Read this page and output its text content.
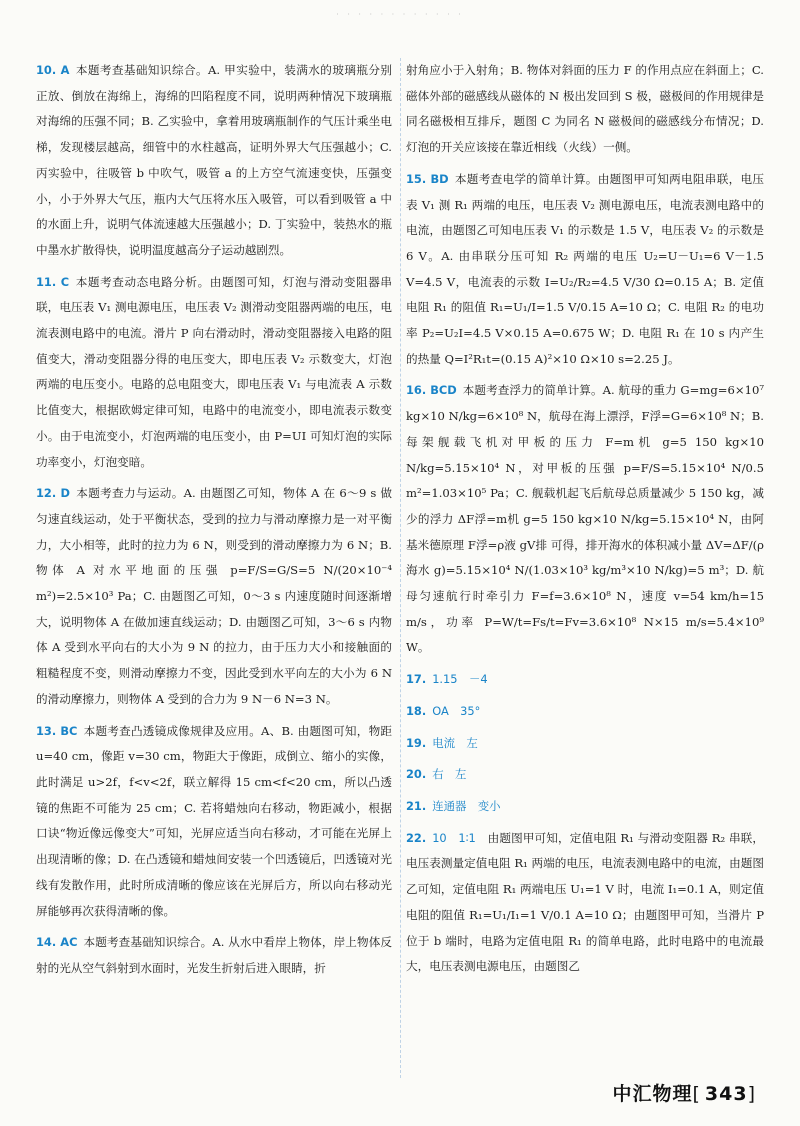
· · · · · · · · · · · ·

10. A 本题考查基础知识综合。A. 甲实验中，装满水的玻璃瓶分别正放、倒放在海绵上，海绵的凹陷程度不同，说明两种情况下玻璃瓶对海绵的压强不同；B. 乙实验中，拿着用玻璃瓶制作的气压计乘坐电梯，发现楼层越高，细管中的水柱越高，证明外界大气压强越小；C. 丙实验中，往吸管 b 中吹气，吸管 a 的上方空气流速变快，压强变小，小于外界大气压，瓶内大气压将水压入吸管，可以看到吸管 a 中的水面上升，说明气体流速越大压强越小；D. 丁实验中，装热水的瓶中墨水扩散得快，说明温度越高分子运动越剧烈。

11. C 本题考查动态电路分析。由题图可知，灯泡与滑动变阻器串联，电压表 V₁ 测电源电压，电压表 V₂ 测滑动变阻器两端的电压，电流表测电路中的电流。滑片 P 向右滑动时，滑动变阻器接入电路的阻值变大，滑动变阻器分得的电压变大，即电压表 V₂ 示数变大，灯泡两端的电压变小。电路的总电阻变大，即电压表 V₁ 与电流表 A 示数比值变大，根据欧姆定律可知，电路中的电流变小，即电流表示数变小。由于电流变小，灯泡两端的电压变小，由 P=UI 可知灯泡的实际功率变小，灯泡变暗。

12. D 本题考查力与运动。A. 由题图乙可知，物体 A 在 6～9 s 做匀速直线运动，处于平衡状态，受到的拉力与滑动摩擦力是一对平衡力，大小相等，此时的拉力为 6 N，则受到的滑动摩擦力为 6 N；B. 物体 A 对水平地面的压强 p=F/S=G/S=5 N/(20×10⁻⁴ m²)=2.5×10³ Pa；C. 由题图乙可知，0～3 s 内速度随时间逐渐增大，说明物体 A 在做加速直线运动；D. 由题图乙可知，3～6 s 内物体 A 受到水平向右的大小为 9 N 的拉力，由于压力大小和接触面的粗糙程度不变，则滑动摩擦力不变，因此受到水平向左的大小为 6 N 的滑动摩擦力，则物体 A 受到的合力为 9 N－6 N=3 N。

13. BC 本题考查凸透镜成像规律及应用。A、B. 由题图可知，物距 u=40 cm，像距 v=30 cm，物距大于像距，成倒立、缩小的实像，此时满足 u>2f，f<v<2f，联立解得 15 cm<f<20 cm，所以凸透镜的焦距不可能为 25 cm；C. 若将蜡烛向右移动，物距减小，根据口诀“物近像远像变大”可知，光屏应适当向右移动，才可能在光屏上出现清晰的像；D. 在凸透镜和蜡烛间安装一个凹透镜后，凹透镜对光线有发散作用，此时所成清晰的像应该在光屏后方，所以向右移动光屏能够再次获得清晰的像。

14. AC 本题考查基础知识综合。A. 从水中看岸上物体，岸上物体反射的光从空气斜射到水面时，光发生折射后进入眼睛，折

射角应小于入射角；B. 物体对斜面的压力 F 的作用点应在斜面上；C. 磁体外部的磁感线从磁体的 N 极出发回到 S 极，磁极间的作用规律是同名磁极相互排斥，题图 C 为同名 N 磁极间的磁感线分布情况；D. 灯泡的开关应该接在靠近相线（火线）一侧。

15. BD 本题考查电学的简单计算。由题图甲可知两电阻串联，电压表 V₁ 测 R₁ 两端的电压，电压表 V₂ 测电源电压，电流表测电路中的电流，由题图乙可知电压表 V₁ 的示数是 1.5 V，电压表 V₂ 的示数是 6 V。A. 由串联分压可知 R₂ 两端的电压 U₂=U－U₁=6 V－1.5 V=4.5 V，电流表的示数 I=U₂/R₂=4.5 V/30 Ω=0.15 A；B. 定值电阻 R₁ 的阻值 R₁=U₁/I=1.5 V/0.15 A=10 Ω；C. 电阻 R₂ 的电功率 P₂=U₂I=4.5 V×0.15 A=0.675 W；D. 电阻 R₁ 在 10 s 内产生的热量 Q=I²R₁t=(0.15 A)²×10 Ω×10 s=2.25 J。

16. BCD 本题考查浮力的简单计算。A. 航母的重力 G=mg=6×10⁷ kg×10 N/kg=6×10⁸ N，航母在海上漂浮，F浮=G=6×10⁸ N；B. 每架舰载飞机对甲板的压力 F=m机 g=5 150 kg×10 N/kg=5.15×10⁴ N，对甲板的压强 p=F/S=5.15×10⁴ N/0.5 m²=1.03×10⁵ Pa；C. 舰载机起飞后航母总质量减少 5 150 kg，减少的浮力 ΔF浮=m机 g=5 150 kg×10 N/kg=5.15×10⁴ N，由阿基米德原理 F浮=ρ液 gV排 可得，排开海水的体积减小量 ΔV=ΔF/(ρ海水 g)=5.15×10⁴ N/(1.03×10³ kg/m³×10 N/kg)=5 m³；D. 航母匀速航行时牵引力 F=f=3.6×10⁸ N，速度 v=54 km/h=15 m/s，功率 P=W/t=Fs/t=Fv=3.6×10⁸ N×15 m/s=5.4×10⁹ W。

17. 1.15　－4

18. OA　35°

19. 电流　左

20. 右　左

21. 连通器　变小

22. 10　1∶1　 由题图甲可知，定值电阻 R₁ 与滑动变阻器 R₂ 串联，电压表测量定值电阻 R₁ 两端的电压，电流表测电路中的电流，由题图乙可知，定值电阻 R₁ 两端电压 U₁=1 V 时，电流 I₁=0.1 A，则定值电阻的阻值 R₁=U₁/I₁=1 V/0.1 A=10 Ω；由题图甲可知，当滑片 P 位于 b 端时，电路为定值电阻 R₁ 的简单电路，此时电路中的电流最大，电压表测电源电压，由题图乙

中汇物理[ 343]
